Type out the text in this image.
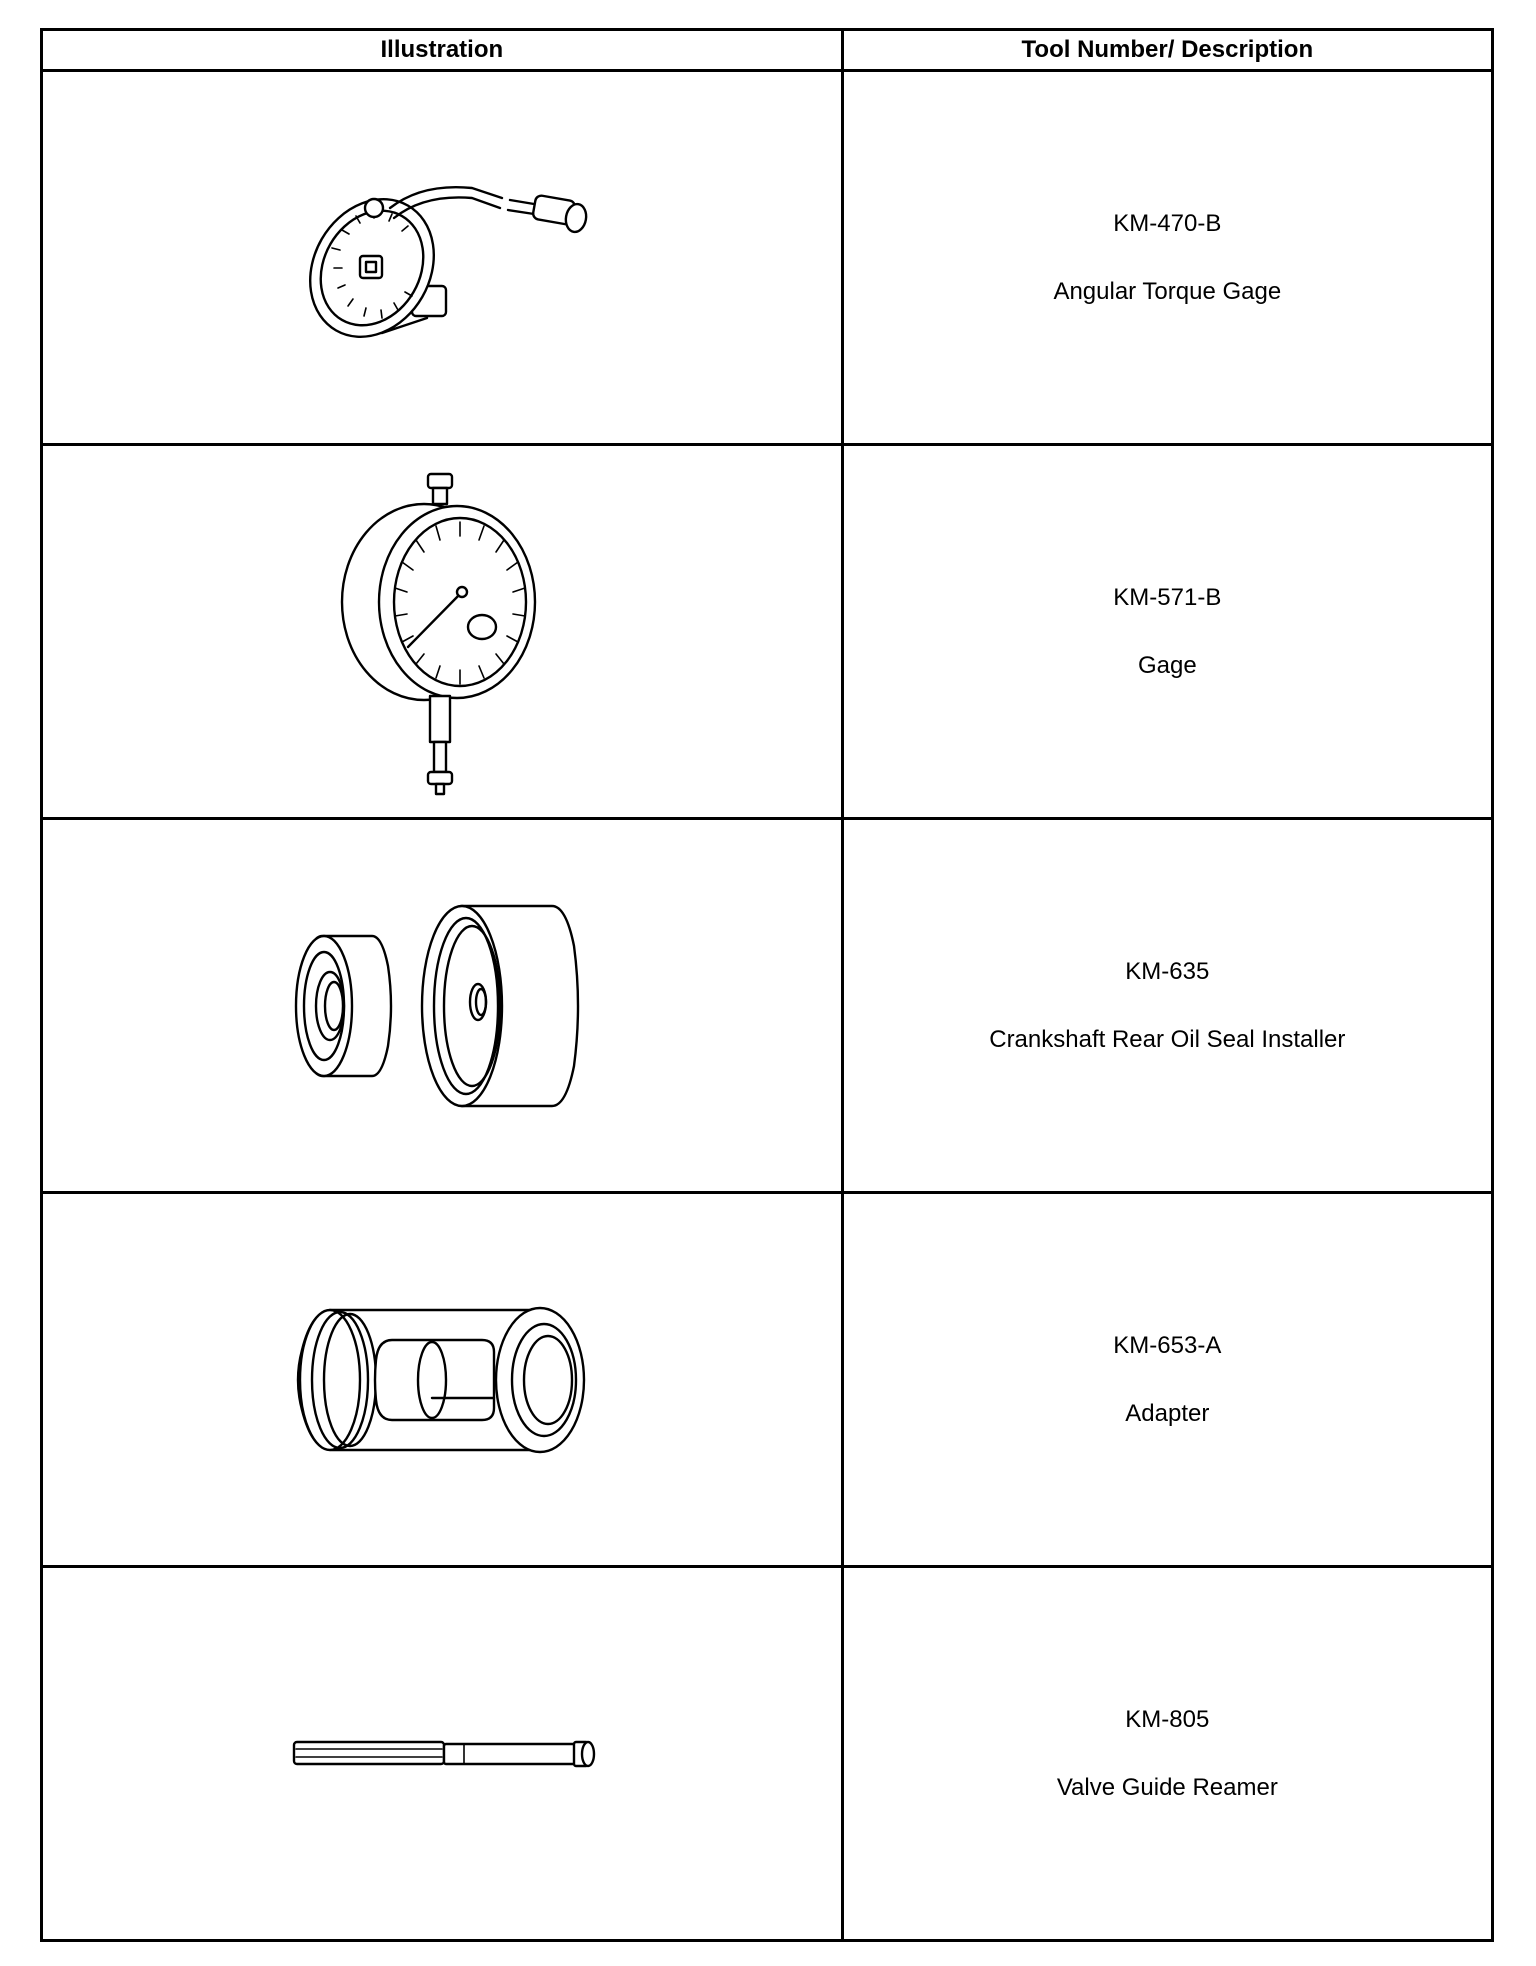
Illustration	Tool Number/ Description

KM-470-B
Angular Torque Gage

KM-571-B
Gage

KM-635
Crankshaft Rear Oil Seal Installer

KM-653-A
Adapter

KM-805
Valve Guide Reamer
